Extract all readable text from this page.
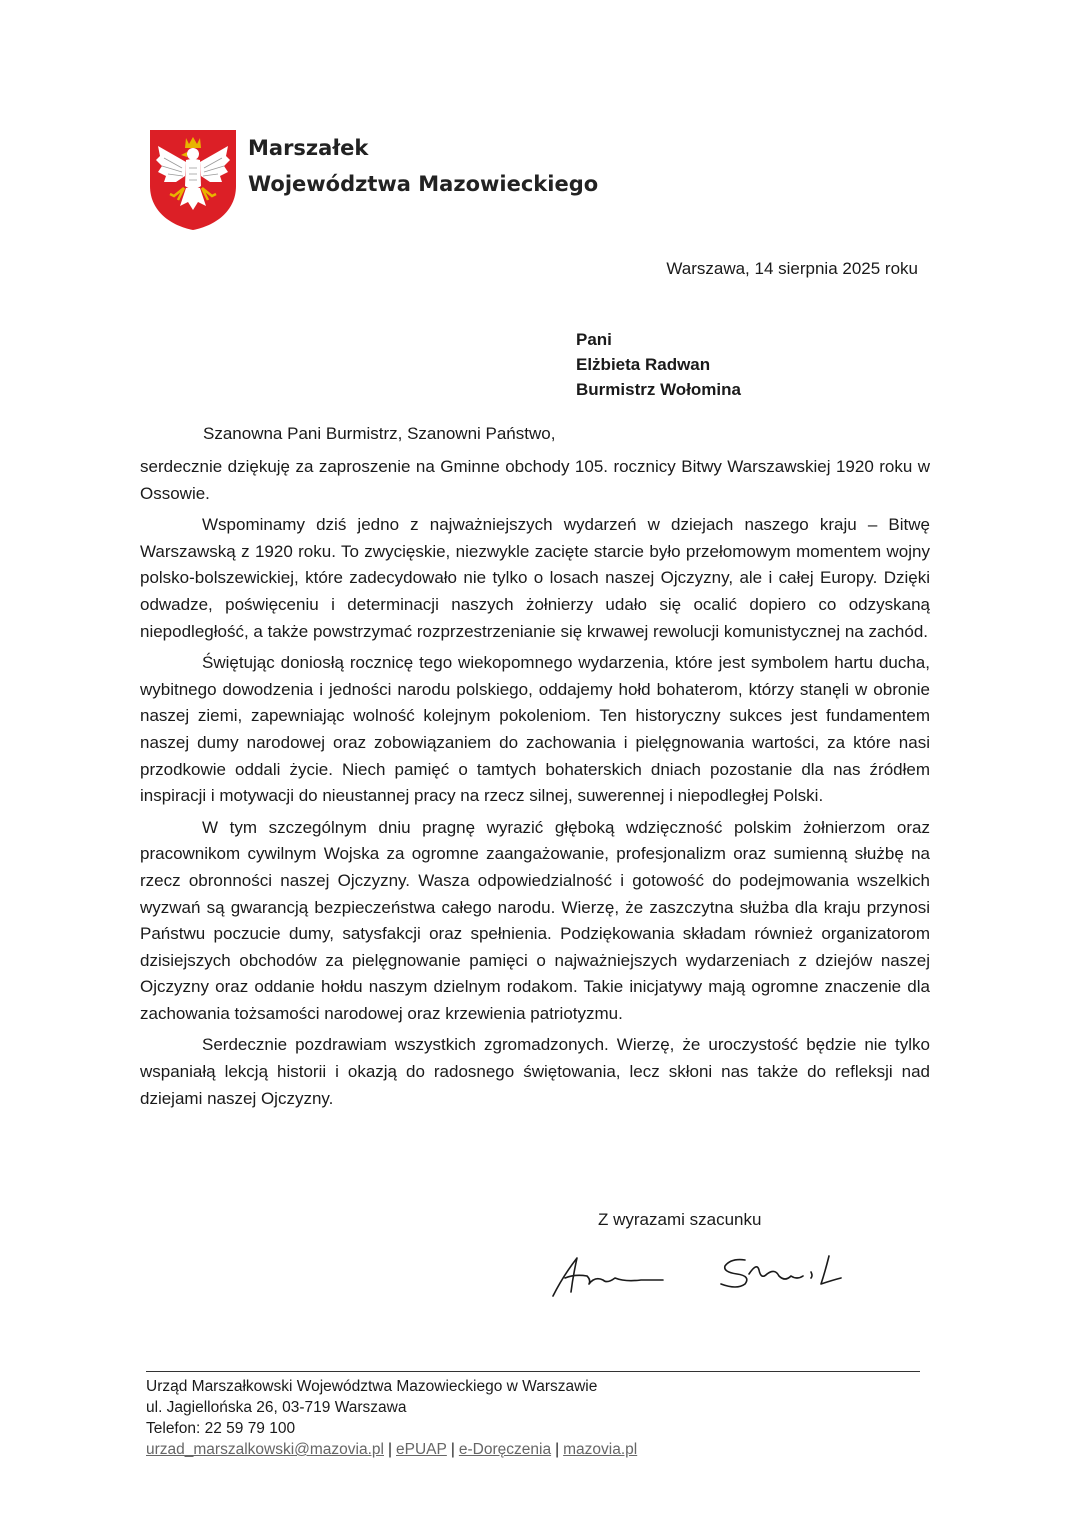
Marszałek
Województwa Mazowieckiego
Warszawa, 14 sierpnia 2025 roku
Pani
Elżbieta Radwan
Burmistrz Wołomina
Szanowna Pani Burmistrz, Szanowni Państwo,

serdecznie dziękuję za zaproszenie na Gminne obchody 105. rocznicy Bitwy Warszawskiej 1920 roku w Ossowie.

Wspominamy dziś jedno z najważniejszych wydarzeń w dziejach naszego kraju – Bitwę Warszawską z 1920 roku. To zwycięskie, niezwykle zacięte starcie było przełomowym momentem wojny polsko-bolszewickiej, które zadecydowało nie tylko o losach naszej Ojczyzny, ale i całej Europy. Dzięki odwadze, poświęceniu i determinacji naszych żołnierzy udało się ocalić dopiero co odzyskaną niepodległość, a także powstrzymać rozprzestrzenianie się krwawej rewolucji komunistycznej na zachód.

Świętując doniosłą rocznicę tego wiekopomnego wydarzenia, które jest symbolem hartu ducha, wybitnego dowodzenia i jedności narodu polskiego, oddajemy hołd bohaterom, którzy stanęli w obronie naszej ziemi, zapewniając wolność kolejnym pokoleniom. Ten historyczny sukces jest fundamentem naszej dumy narodowej oraz zobowiązaniem do zachowania i pielęgnowania wartości, za które nasi przodkowie oddali życie. Niech pamięć o tamtych bohaterskich dniach pozostanie dla nas źródłem inspiracji i motywacji do nieustannej pracy na rzecz silnej, suwerennej i niepodległej Polski.

W tym szczególnym dniu pragnę wyrazić głęboką wdzięczność polskim żołnierzom oraz pracownikom cywilnym Wojska za ogromne zaangażowanie, profesjonalizm oraz sumienną służbę na rzecz obronności naszej Ojczyzny. Wasza odpowiedzialność i gotowość do podejmowania wszelkich wyzwań są gwarancją bezpieczeństwa całego narodu. Wierzę, że zaszczytna służba dla kraju przynosi Państwu poczucie dumy, satysfakcji oraz spełnienia. Podziękowania składam również organizatorom dzisiejszych obchodów za pielęgnowanie pamięci o najważniejszych wydarzeniach z dziejów naszej Ojczyzny oraz oddanie hołdu naszym dzielnym rodakom. Takie inicjatywy mają ogromne znaczenie dla zachowania tożsamości narodowej oraz krzewienia patriotyzmu.

Serdecznie pozdrawiam wszystkich zgromadzonych. Wierzę, że uroczystość będzie nie tylko wspaniałą lekcją historii i okazją do radosnego świętowania, lecz skłoni nas także do refleksji nad dziejami naszej Ojczyzny.

Z wyrazami szacunku
Urząd Marszałkowski Województwa Mazowieckiego w Warszawie
ul. Jagiellońska 26, 03-719 Warszawa
Telefon: 22 59 79 100
urzad_marszalkowski@mazovia.pl | ePUAP | e-Doręczenia | mazovia.pl
